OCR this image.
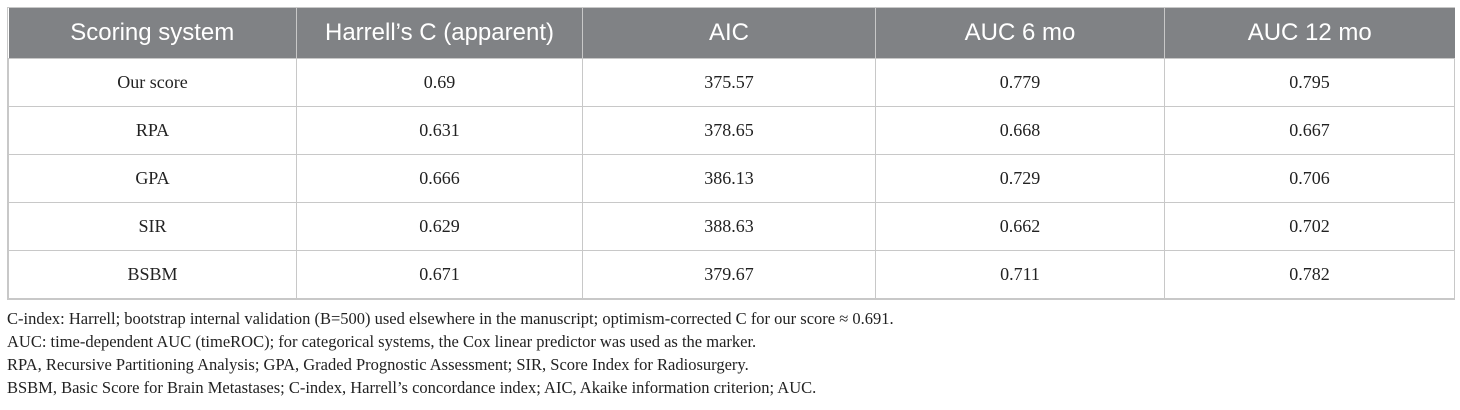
Scoring system	Harrell’s C (apparent)	AIC	AUC 6 mo	AUC 12 mo
Our score	0.69	375.57	0.779	0.795
RPA	0.631	378.65	0.668	0.667
GPA	0.666	386.13	0.729	0.706
SIR	0.629	388.63	0.662	0.702
BSBM	0.671	379.67	0.711	0.782

C-index: Harrell; bootstrap internal validation (B=500) used elsewhere in the manuscript; optimism-corrected C for our score ≈ 0.691.

AUC: time-dependent AUC (timeROC); for categorical systems, the Cox linear predictor was used as the marker.

RPA, Recursive Partitioning Analysis; GPA, Graded Prognostic Assessment; SIR, Score Index for Radiosurgery.

BSBM, Basic Score for Brain Metastases; C-index, Harrell’s concordance index; AIC, Akaike information criterion; AUC.
